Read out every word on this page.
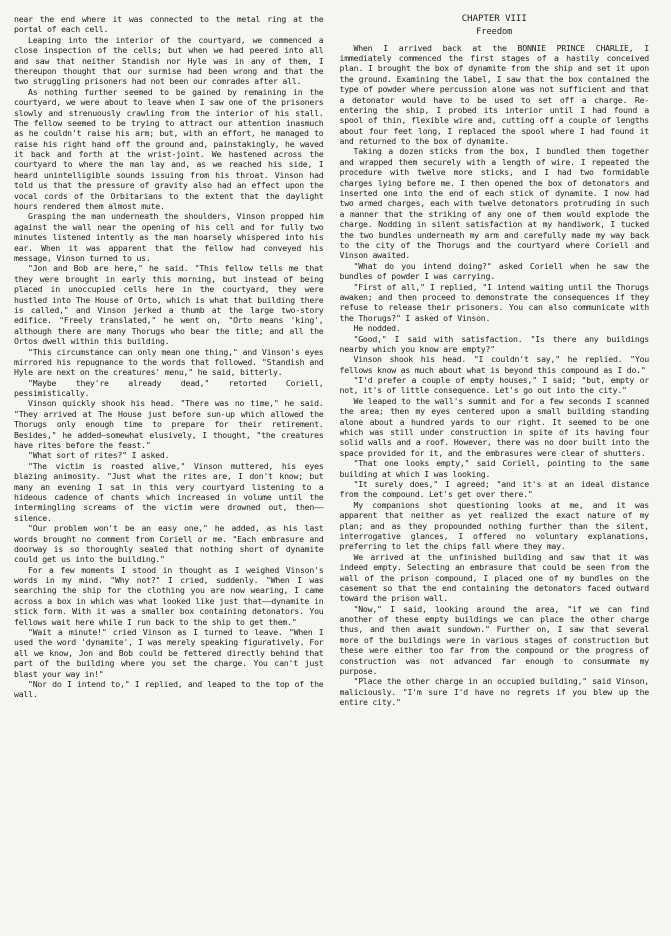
near the end where it was connected to the metal ring at the portal of each cell.

Leaping into the interior of the courtyard, we commenced a close inspection of the cells; but when we had peered into all and saw that neither Standish nor Hyle was in any of them, I thereupon thought that our surmise had been wrong and that the two struggling prisoners had not been our comrades after all.

As nothing further seemed to be gained by remaining in the courtyard, we were about to leave when I saw one of the prisoners slowly and strenuously crawling from the interior of his stall. The fellow seemed to be trying to attract our attention inasmuch as he couldn't raise his arm; but, with an effort, he managed to raise his right hand off the ground and, painstakingly, he waved it back and forth at the wrist-joint. We hastened across the courtyard to where the man lay and, as we reached his side, I heard unintelligible sounds issuing from his throat. Vinson had told us that the pressure of gravity also had an effect upon the vocal cords of the Orbitarians to the extent that the daylight hours rendered them almost mute.

Grasping the man underneath the shoulders, Vinson propped him against the wall near the opening of his cell and for fully two minutes listened intently as the man hoarsely whispered into his ear. When it was apparent that the fellow had conveyed his message, Vinson turned to us.

"Jon and Bob are here," he said. "This fellow tells me that they were brought in early this morning, but instead of being placed in unoccupied cells here in the courtyard, they were hustled into The House of Orto, which is what that building there is called," and Vinson jerked a thumb at the large two-story edifice. "Freely translated," he went on, "Orto means 'king', although there are many Thorugs who bear the title; and all the Ortos dwell within this building.

"This circumstance can only mean one thing," and Vinson's eyes mirrored his repugnance to the words that followed. "Standish and Hyle are next on the creatures' menu," he said, bitterly.

"Maybe they're already dead," retorted Coriell, pessimistically.

Vinson quickly shook his head. "There was no time," he said. "They arrived at The House just before sun-up which allowed the Thorugs only enough time to prepare for their retirement. Besides," he added—somewhat elusively, I thought, "the creatures have rites before the feast."

"What sort of rites?" I asked.

"The victim is roasted alive," Vinson muttered, his eyes blazing animosity. "Just what the rites are, I don't know; but many an evening I sat in this very courtyard listening to a hideous cadence of chants which increased in volume until the intermingling screams of the victim were drowned out, then——silence.

"Our problem won't be an easy one," he added, as his last words brought no comment from Coriell or me. "Each embrasure and doorway is so thoroughly sealed that nothing short of dynamite could get us into the building."

For a few moments I stood in thought as I weighed Vinson's words in my mind. "Why not?" I cried, suddenly. "When I was searching the ship for the clothing you are now wearing, I came across a box in which was what looked like just that——dynamite in stick form. With it was a smaller box containing detonators. You fellows wait here while I run back to the ship to get them."

"Wait a minute!" cried Vinson as I turned to leave. "When I used the word 'dynamite', I was merely speaking figuratively. For all we know, Jon and Bob could be fettered directly behind that part of the building where you set the charge. You can't just blast your way in!"

"Nor do I intend to," I replied, and leaped to the top of the wall.

CHAPTER VIII
Freedom

When I arrived back at the BONNIE PRINCE CHARLIE, I immediately commenced the first stages of a hastily conceived plan. I brought the box of dynamite from the ship and set it upon the ground. Examining the label, I saw that the box contained the type of powder where percussion alone was not sufficient and that a detonator would have to be used to set off a charge. Re-entering the ship, I probed its interior until I had found a spool of thin, flexible wire and, cutting off a couple of lengths about four feet long, I replaced the spool where I had found it and returned to the box of dynamite.

Taking a dozen sticks from the box, I bundled them together and wrapped them securely with a length of wire. I repeated the procedure with twelve more sticks, and I had two formidable charges lying before me. I then opened the box of detonators and inserted one into the end of each stick of dynamite. I now had two armed charges, each with twelve detonators protruding in such a manner that the striking of any one of them would explode the charge. Nodding in silent satisfaction at my handiwork, I tucked the two bundles underneath my arm and carefully made my way back to the city of the Thorugs and the courtyard where Coriell and Vinson awaited.

"What do you intend doing?" asked Coriell when he saw the bundles of powder I was carrying.

"First of all," I replied, "I intend waiting until the Thorugs awaken; and then proceed to demonstrate the consequences if they refuse to release their prisoners. You can also communicate with the Thorugs?" I asked of Vinson.

He nodded.

"Good," I said with satisfaction. "Is there any buildings nearby which you know are empty?"

Vinson shook his head. "I couldn't say," he replied. "You fellows know as much about what is beyond this compound as I do."

"I'd prefer a couple of empty houses," I said; "but, empty or not, it's of little consequence. Let's go out into the city."

We leaped to the wall's summit and for a few seconds I scanned the area; then my eyes centered upon a small building standing alone about a hundred yards to our right. It seemed to be one which was still under construction in spite of its having four solid walls and a roof. However, there was no door built into the space provided for it, and the embrasures were clear of shutters.

"That one looks empty," said Coriell, pointing to the same building at which I was looking.

"It surely does," I agreed; "and it's at an ideal distance from the compound. Let's get over there."

My companions shot questioning looks at me, and it was apparent that neither as yet realized the exact nature of my plan; and as they propounded nothing further than the silent, interrogative glances, I offered no voluntary explanations, preferring to let the chips fall where they may.

We arrived at the unfinished building and saw that it was indeed empty. Selecting an embrasure that could be seen from the wall of the prison compound, I placed one of my bundles on the casement so that the end containing the detonators faced outward toward the prison wall.

"Now," I said, looking around the area, "if we can find another of these empty buildings we can place the other charge thus, and then await sundown." Further on, I saw that several more of the buildings were in various stages of construction but these were either too far from the compound or the progress of construction was not advanced far enough to consummate my purpose.

"Place the other charge in an occupied building," said Vinson, maliciously. "I'm sure I'd have no regrets if you blew up the entire city."
